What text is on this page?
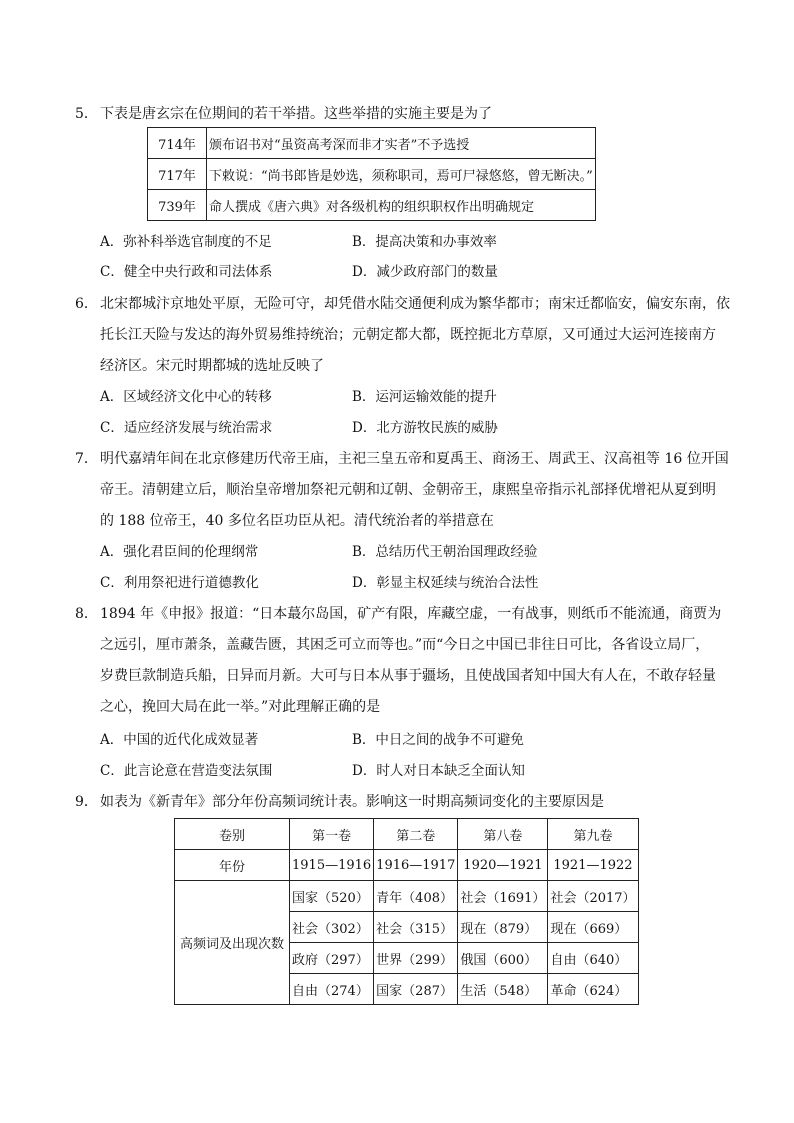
5． 下表是唐玄宗在位期间的若干举措。这些举措的实施主要是为了
714年	颁布诏书对“虽资高考深而非才实者”不予选授
717年	下敕说：“尚书郎皆是妙选，须称职司，焉可尸禄悠悠，曾无断决。”
739年	命人撰成《唐六典》对各级机构的组织职权作出明确规定
A．弥补科举选官制度的不足	B．提高决策和办事效率
C．健全中央行政和司法体系	D．减少政府部门的数量
6． 北宋都城汴京地处平原，无险可守，却凭借水陆交通便利成为繁华都市；南宋迁都临安，偏安东南，依
托长江天险与发达的海外贸易维持统治；元朝定都大都，既控扼北方草原，又可通过大运河连接南方
经济区。宋元时期都城的选址反映了
A．区域经济文化中心的转移	B．运河运输效能的提升
C．适应经济发展与统治需求	D．北方游牧民族的威胁
7． 明代嘉靖年间在北京修建历代帝王庙，主祀三皇五帝和夏禹王、商汤王、周武王、汉高祖等 16 位开国
帝王。清朝建立后，顺治皇帝增加祭祀元朝和辽朝、金朝帝王，康熙皇帝指示礼部择优增祀从夏到明
的 188 位帝王，40 多位名臣功臣从祀。清代统治者的举措意在
A．强化君臣间的伦理纲常	B．总结历代王朝治国理政经验
C．利用祭祀进行道德教化	D．彰显主权延续与统治合法性
8． 1894 年《申报》报道：“日本蕞尔岛国，矿产有限，库藏空虚，一有战事，则纸币不能流通，商贾为
之远引，厘市萧条，盖藏告匮，其困乏可立而等也。”而“今日之中国已非往日可比，各省设立局厂，
岁费巨款制造兵船，日异而月新。大可与日本从事于疆场，且使战国者知中国大有人在，不敢存轻量
之心，挽回大局在此一举。”对此理解正确的是
A．中国的近代化成效显著	B．中日之间的战争不可避免
C．此言论意在营造变法氛围	D．时人对日本缺乏全面认知
9． 如表为《新青年》部分年份高频词统计表。影响这一时期高频词变化的主要原因是
卷别	第一卷	第二卷	第八卷	第九卷
年份	1915—1916	1916—1917	1920—1921	1921—1922
高频词及出现次数	国家（520）	青年（408）	社会（1691）	社会（2017）
	社会（302）	社会（315）	现在（879）	现在（669）
	政府（297）	世界（299）	俄国（600）	自由（640）
	自由（274）	国家（287）	生活（548）	革命（624）
